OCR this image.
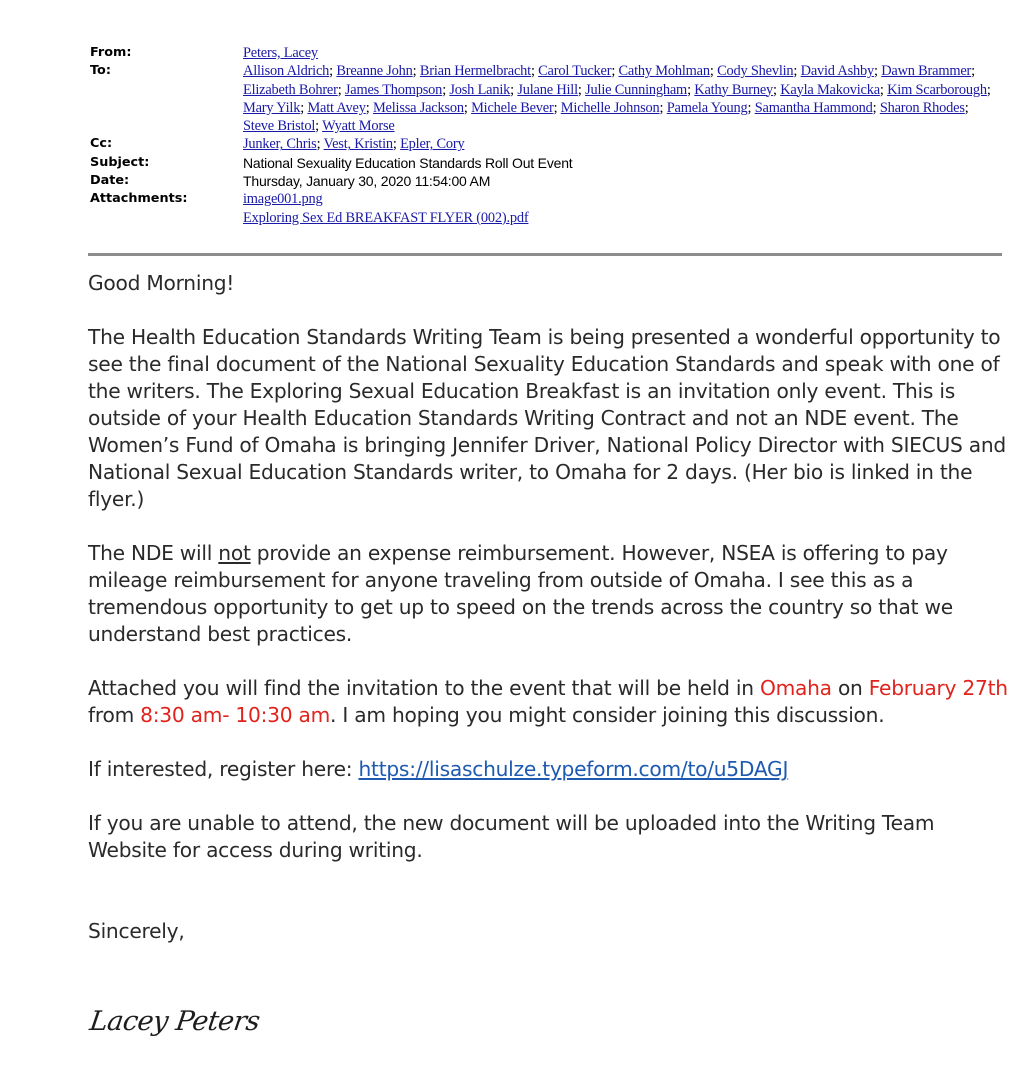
From:	Peters, Lacey
To:	Allison Aldrich; Breanne John; Brian Hermelbracht; Carol Tucker; Cathy Mohlman; Cody Shevlin; David Ashby; Dawn Brammer; Elizabeth Bohrer; James Thompson; Josh Lanik; Julane Hill; Julie Cunningham; Kathy Burney; Kayla Makovicka; Kim Scarborough; Mary Yilk; Matt Avey; Melissa Jackson; Michele Bever; Michelle Johnson; Pamela Young; Samantha Hammond; Sharon Rhodes; Steve Bristol; Wyatt Morse
Cc:	Junker, Chris; Vest, Kristin; Epler, Cory
Subject:	National Sexuality Education Standards Roll Out Event
Date:	Thursday, January 30, 2020 11:54:00 AM
Attachments:	image001.png
Exploring Sex Ed BREAKFAST FLYER (002).pdf

Good Morning!

The Health Education Standards Writing Team is being presented a wonderful opportunity to see the final document of the National Sexuality Education Standards and speak with one of the writers. The Exploring Sexual Education Breakfast is an invitation only event. This is outside of your Health Education Standards Writing Contract and not an NDE event. The Women’s Fund of Omaha is bringing Jennifer Driver, National Policy Director with SIECUS and National Sexual Education Standards writer, to Omaha for 2 days. (Her bio is linked in the flyer.)

The NDE will not provide an expense reimbursement. However, NSEA is offering to pay mileage reimbursement for anyone traveling from outside of Omaha. I see this as a tremendous opportunity to get up to speed on the trends across the country so that we understand best practices.

Attached you will find the invitation to the event that will be held in Omaha on February 27th from 8:30 am- 10:30 am. I am hoping you might consider joining this discussion.

If interested, register here: https://lisaschulze.typeform.com/to/u5DAGJ

If you are unable to attend, the new document will be uploaded into the Writing Team Website for access during writing.

Sincerely,

Lacey Peters
